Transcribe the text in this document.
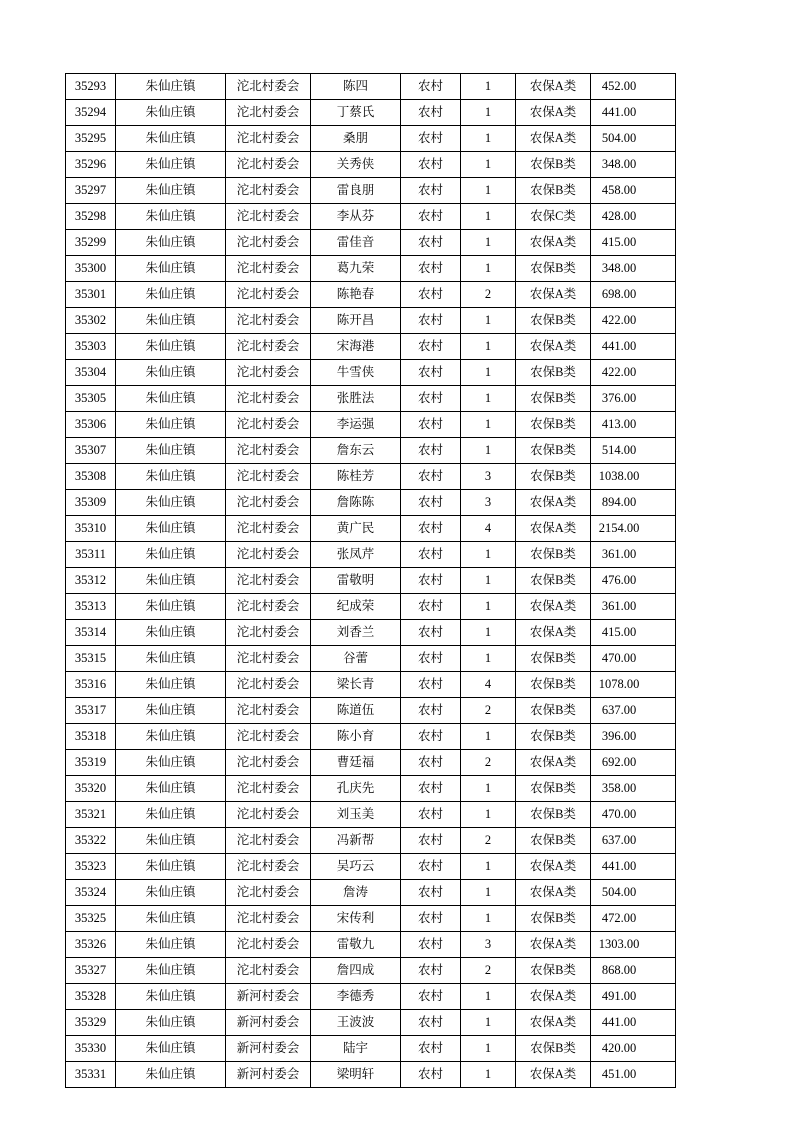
35293	朱仙庄镇	沱北村委会	陈四	农村	1	农保A类	452.00
35294	朱仙庄镇	沱北村委会	丁蔡氏	农村	1	农保A类	441.00
35295	朱仙庄镇	沱北村委会	桑朋	农村	1	农保A类	504.00
35296	朱仙庄镇	沱北村委会	关秀侠	农村	1	农保B类	348.00
35297	朱仙庄镇	沱北村委会	雷良朋	农村	1	农保B类	458.00
35298	朱仙庄镇	沱北村委会	李从芬	农村	1	农保C类	428.00
35299	朱仙庄镇	沱北村委会	雷佳音	农村	1	农保A类	415.00
35300	朱仙庄镇	沱北村委会	葛九荣	农村	1	农保B类	348.00
35301	朱仙庄镇	沱北村委会	陈艳春	农村	2	农保A类	698.00
35302	朱仙庄镇	沱北村委会	陈开昌	农村	1	农保B类	422.00
35303	朱仙庄镇	沱北村委会	宋海港	农村	1	农保A类	441.00
35304	朱仙庄镇	沱北村委会	牛雪侠	农村	1	农保B类	422.00
35305	朱仙庄镇	沱北村委会	张胜法	农村	1	农保B类	376.00
35306	朱仙庄镇	沱北村委会	李运强	农村	1	农保B类	413.00
35307	朱仙庄镇	沱北村委会	詹东云	农村	1	农保B类	514.00
35308	朱仙庄镇	沱北村委会	陈桂芳	农村	3	农保B类	1038.00
35309	朱仙庄镇	沱北村委会	詹陈陈	农村	3	农保A类	894.00
35310	朱仙庄镇	沱北村委会	黄广民	农村	4	农保A类	2154.00
35311	朱仙庄镇	沱北村委会	张凤芹	农村	1	农保B类	361.00
35312	朱仙庄镇	沱北村委会	雷敬明	农村	1	农保B类	476.00
35313	朱仙庄镇	沱北村委会	纪成荣	农村	1	农保A类	361.00
35314	朱仙庄镇	沱北村委会	刘香兰	农村	1	农保A类	415.00
35315	朱仙庄镇	沱北村委会	谷蕾	农村	1	农保B类	470.00
35316	朱仙庄镇	沱北村委会	梁长青	农村	4	农保B类	1078.00
35317	朱仙庄镇	沱北村委会	陈道伍	农村	2	农保B类	637.00
35318	朱仙庄镇	沱北村委会	陈小育	农村	1	农保B类	396.00
35319	朱仙庄镇	沱北村委会	曹廷福	农村	2	农保A类	692.00
35320	朱仙庄镇	沱北村委会	孔庆先	农村	1	农保B类	358.00
35321	朱仙庄镇	沱北村委会	刘玉美	农村	1	农保B类	470.00
35322	朱仙庄镇	沱北村委会	冯新帮	农村	2	农保B类	637.00
35323	朱仙庄镇	沱北村委会	吴巧云	农村	1	农保A类	441.00
35324	朱仙庄镇	沱北村委会	詹涛	农村	1	农保A类	504.00
35325	朱仙庄镇	沱北村委会	宋传利	农村	1	农保B类	472.00
35326	朱仙庄镇	沱北村委会	雷敬九	农村	3	农保A类	1303.00
35327	朱仙庄镇	沱北村委会	詹四成	农村	2	农保B类	868.00
35328	朱仙庄镇	新河村委会	李德秀	农村	1	农保A类	491.00
35329	朱仙庄镇	新河村委会	王波波	农村	1	农保A类	441.00
35330	朱仙庄镇	新河村委会	陆宇	农村	1	农保B类	420.00
35331	朱仙庄镇	新河村委会	梁明轩	农村	1	农保A类	451.00
